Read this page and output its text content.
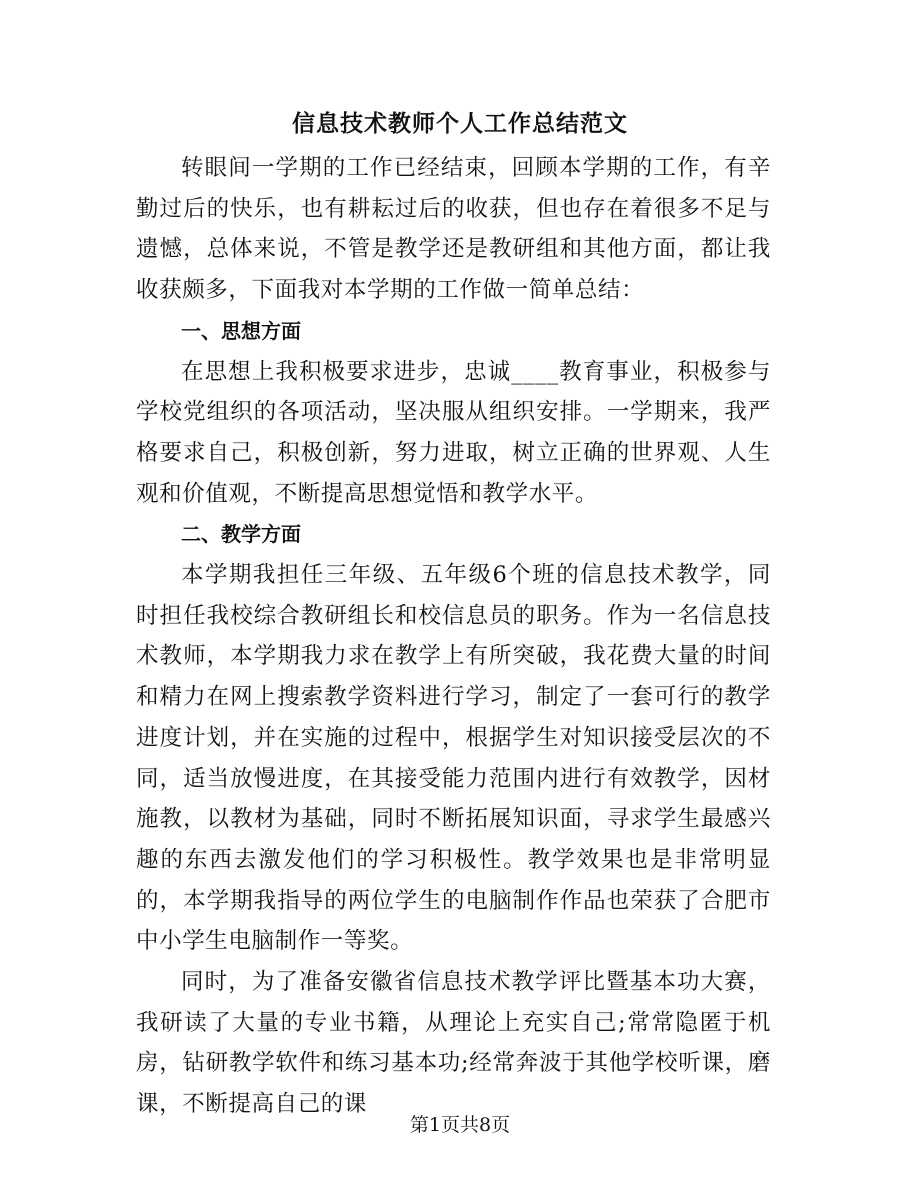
信息技术教师个人工作总结范文

转眼间一学期的工作已经结束，回顾本学期的工作，有辛勤过后的快乐，也有耕耘过后的收获，但也存在着很多不足与遗憾，总体来说，不管是教学还是教研组和其他方面，都让我收获颇多，下面我对本学期的工作做一简单总结：

一、思想方面

在思想上我积极要求进步，忠诚____教育事业，积极参与学校党组织的各项活动，坚决服从组织安排。一学期来，我严格要求自己，积极创新，努力进取，树立正确的世界观、人生观和价值观，不断提高思想觉悟和教学水平。

二、教学方面

本学期我担任三年级、五年级6个班的信息技术教学，同时担任我校综合教研组长和校信息员的职务。作为一名信息技术教师，本学期我力求在教学上有所突破，我花费大量的时间和精力在网上搜索教学资料进行学习，制定了一套可行的教学进度计划，并在实施的过程中，根据学生对知识接受层次的不同，适当放慢进度，在其接受能力范围内进行有效教学，因材施教，以教材为基础，同时不断拓展知识面，寻求学生最感兴趣的东西去激发他们的学习积极性。教学效果也是非常明显的，本学期我指导的两位学生的电脑制作作品也荣获了合肥市中小学生电脑制作一等奖。

同时，为了准备安徽省信息技术教学评比暨基本功大赛，我研读了大量的专业书籍，从理论上充实自己;常常隐匿于机房，钻研教学软件和练习基本功;经常奔波于其他学校听课，磨课，不断提高自己的课

第1页共8页
